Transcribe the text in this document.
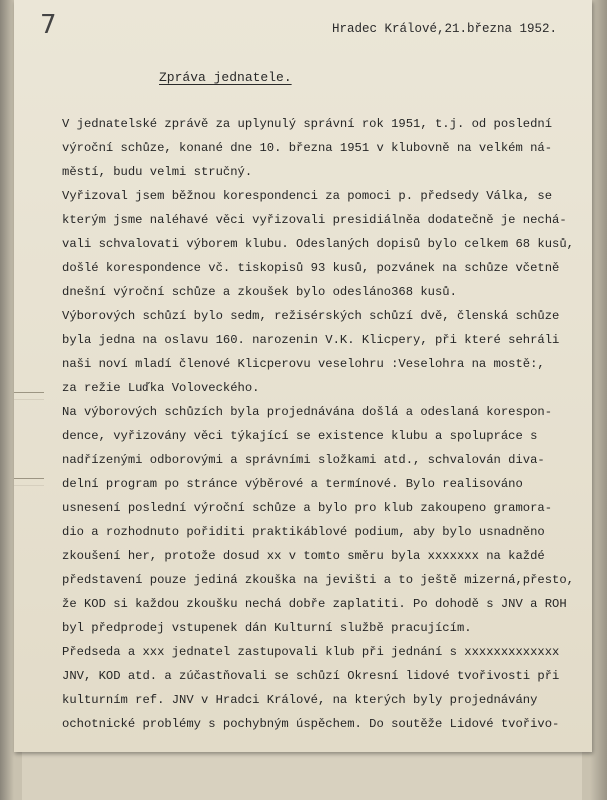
7	Hradec Králové,21.března 1952.
Zpráva jednatele.
V jednatelské zprávě za uplynulý správní rok 1951, t.j. od poslední
výroční schůze, konané dne 10. března 1951 v klubovně na velkém ná-
městí, budu velmi stručný.
Vyřizoval jsem běžnou korespondenci za pomoci p. předsedy Válka, se
kterým jsme naléhavé věci vyřizovali presidiálněa dodatečně je nechá-
vali schvalovati výborem klubu. Odeslaných dopisů bylo celkem 68 kusů,
došlé korespondence vč. tiskopisů 93 kusů, pozvánek na schůze včetně
dnešní výroční schůze a zkoušek bylo odesláno368 kusů.
Výborových schůzí bylo sedm, režisérských schůzí dvě, členská schůze
byla jedna na oslavu 160. narozenin V.K. Klicpery, při které sehráli
naši noví mladí členové Klicperovu veselohru :Veselohra na mostě:,
za režie Luďka Voloveckého.
Na výborových schůzích byla projednávána došlá a odeslaná korespon-
dence, vyřizovány věci týkající se existence klubu a spolupráce s
nadřízenými odborovými a správními složkami atd., schvalován diva-
delní program po stránce výběrové a termínové. Bylo realisováno
usnesení poslední výroční schůze a bylo pro klub zakoupeno gramora-
dio a rozhodnuto pořiditi praktikáblové podium, aby bylo usnadněno
zkoušení her, protože dosud xx v tomto směru byla xxxxxxx na každé
představení pouze jediná zkouška na jevišti a to ještě mizerná,přesto,
že KOD si každou zkoušku nechá dobře zaplatiti. Po dohodě s JNV a ROH
byl předprodej vstupenek dán Kulturní službě pracujícím.
Předseda a xxx jednatel zastupovali klub při jednání s xxxxxxxxxxxxx
JNV, KOD atd. a zúčastňovali se schůzí Okresní lidové tvořivosti při
kulturním ref. JNV v Hradci Králové, na kterých byly projednávány
ochotnické problémy s pochybným úspěchem. Do soutěže Lidové tvořivo-
